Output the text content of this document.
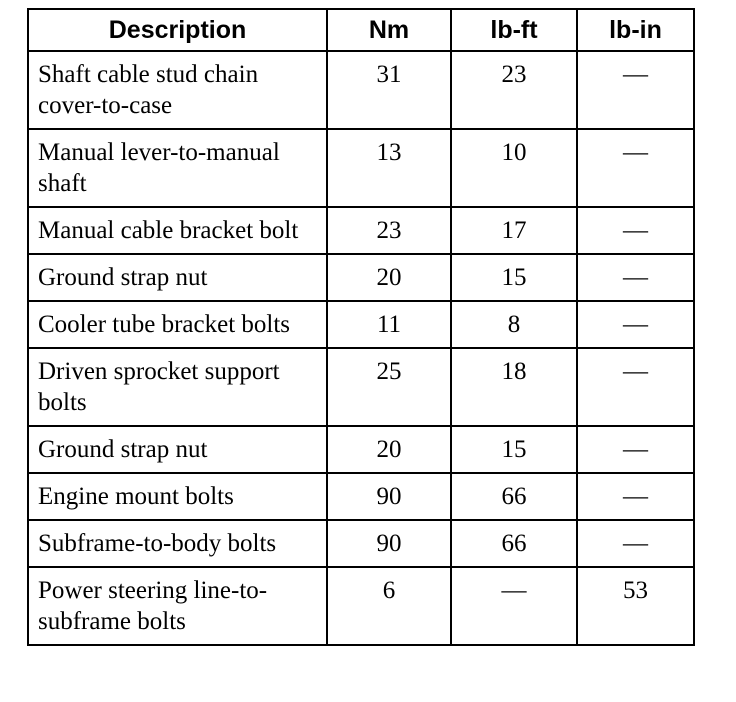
Description	Nm	lb-ft	lb-in
Shaft cable stud chain cover-to-case	31	23	—
Manual lever-to-manual shaft	13	10	—
Manual cable bracket bolt	23	17	—
Ground strap nut	20	15	—
Cooler tube bracket bolts	11	8	—
Driven sprocket support bolts	25	18	—
Ground strap nut	20	15	—
Engine mount bolts	90	66	—
Subframe-to-body bolts	90	66	—
Power steering line-to-subframe bolts	6	—	53
